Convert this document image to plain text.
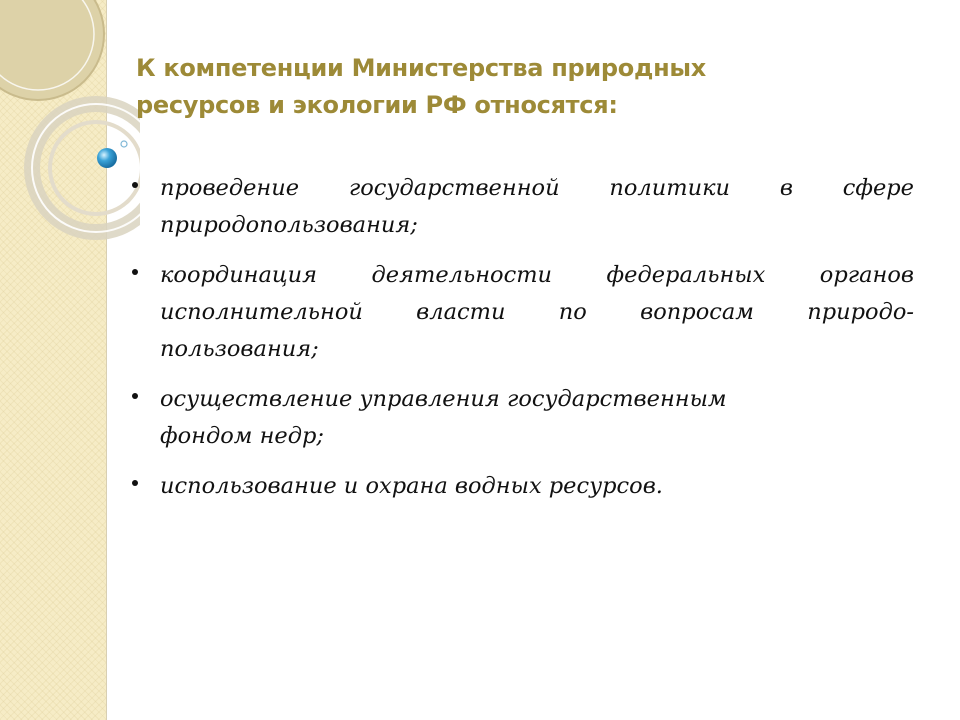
К компетенции Министерства природных
ресурсов и экологии РФ относятся:
проведение государственной политики в сфере
природопользования;
координация деятельности федеральных органов
исполнительной власти по вопросам природо-
пользования;
осуществление управления государственным
фондом недр;
использование и охрана водных ресурсов.
